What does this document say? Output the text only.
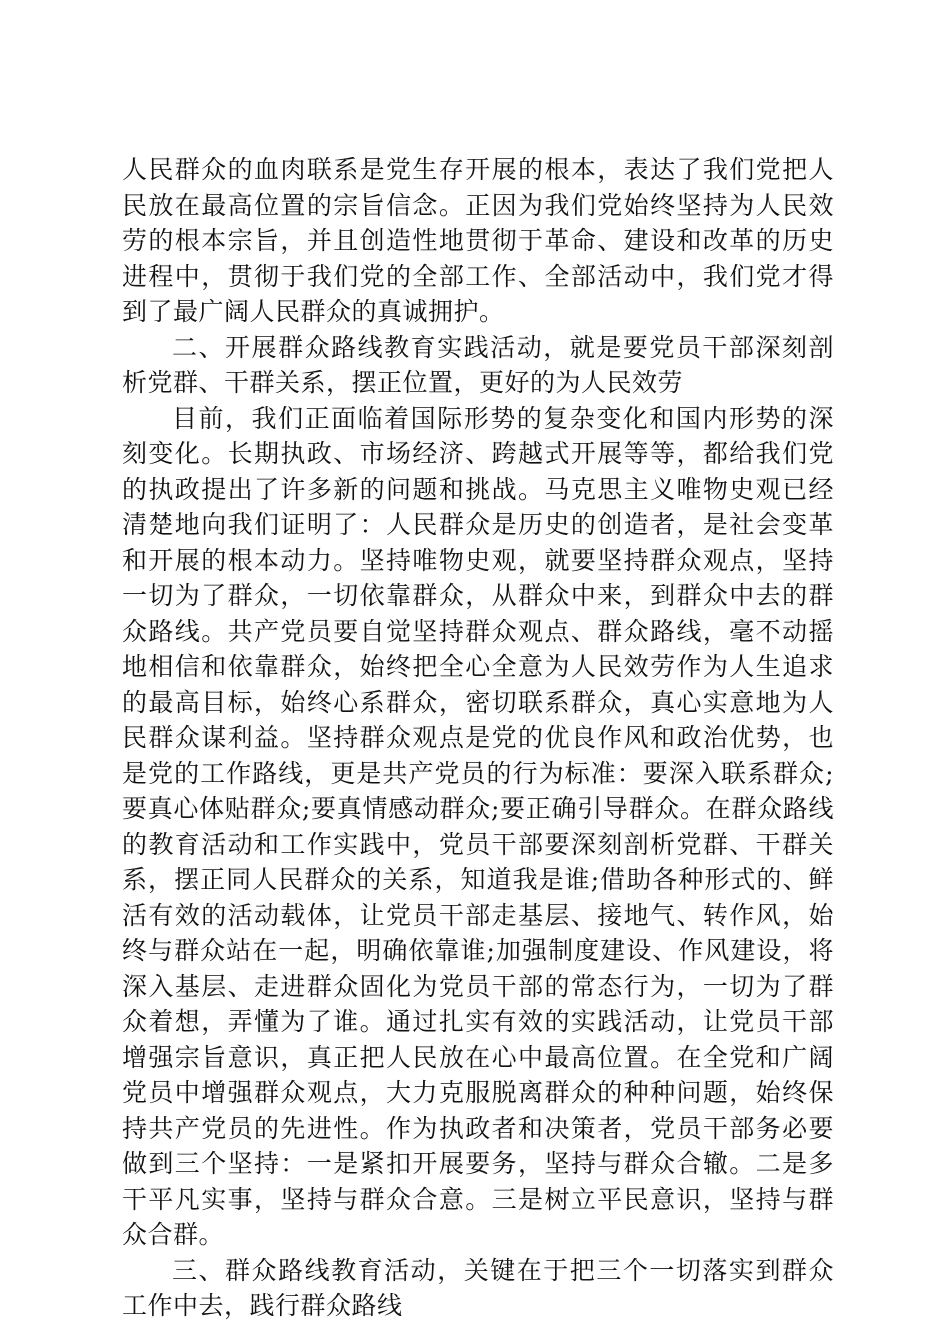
人民群众的血肉联系是党生存开展的根本，表达了我们党把人民放在最高位置的宗旨信念。正因为我们党始终坚持为人民效劳的根本宗旨，并且创造性地贯彻于革命、建设和改革的历史进程中，贯彻于我们党的全部工作、全部活动中，我们党才得到了最广阔人民群众的真诚拥护。

二、开展群众路线教育实践活动，就是要党员干部深刻剖析党群、干群关系，摆正位置，更好的为人民效劳

目前，我们正面临着国际形势的复杂变化和国内形势的深刻变化。长期执政、市场经济、跨越式开展等等，都给我们党的执政提出了许多新的问题和挑战。马克思主义唯物史观已经清楚地向我们证明了：人民群众是历史的创造者，是社会变革和开展的根本动力。坚持唯物史观，就要坚持群众观点，坚持一切为了群众，一切依靠群众，从群众中来，到群众中去的群众路线。共产党员要自觉坚持群众观点、群众路线，毫不动摇地相信和依靠群众，始终把全心全意为人民效劳作为人生追求的最高目标，始终心系群众，密切联系群众，真心实意地为人民群众谋利益。坚持群众观点是党的优良作风和政治优势，也是党的工作路线，更是共产党员的行为标准：要深入联系群众;要真心体贴群众;要真情感动群众;要正确引导群众。在群众路线的教育活动和工作实践中，党员干部要深刻剖析党群、干群关系，摆正同人民群众的关系，知道我是谁;借助各种形式的、鲜活有效的活动载体，让党员干部走基层、接地气、转作风，始终与群众站在一起，明确依靠谁;加强制度建设、作风建设，将深入基层、走进群众固化为党员干部的常态行为，一切为了群众着想，弄懂为了谁。通过扎实有效的实践活动，让党员干部增强宗旨意识，真正把人民放在心中最高位置。在全党和广阔党员中增强群众观点，大力克服脱离群众的种种问题，始终保持共产党员的先进性。作为执政者和决策者，党员干部务必要做到三个坚持：一是紧扣开展要务，坚持与群众合辙。二是多干平凡实事，坚持与群众合意。三是树立平民意识，坚持与群众合群。

三、群众路线教育活动，关键在于把三个一切落实到群众工作中去，践行群众路线
